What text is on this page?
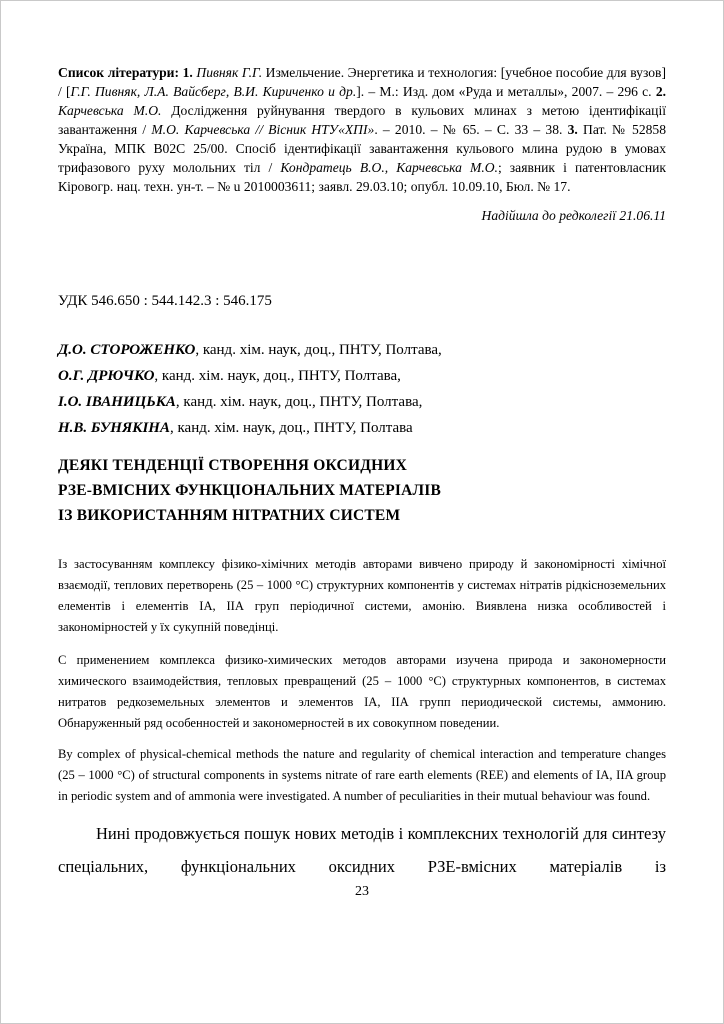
Список літератури: 1. Пивняк Г.Г. Измельчение. Энергетика и технология: [учебное пособие для вузов] / [Г.Г. Пивняк, Л.А. Вайсберг, В.И. Кириченко и др.]. – М.: Изд. дом «Руда и металлы», 2007. – 296 с. 2. Карчевська М.О. Дослідження руйнування твердого в кульових млинах з метою ідентифікації завантаження / М.О. Карчевська // Вісник НТУ«ХПІ». – 2010. – № 65. – С. 33 – 38. 3. Пат. № 52858 Україна, МПК В02С 25/00. Спосіб ідентифікації завантаження кульового млина рудою в умовах трифазового руху молольних тіл / Кондратець В.О., Карчевська М.О.; заявник і патентовласник Кіровогр. нац. техн. ун-т. – № u 2010003611; заявл. 29.03.10; опубл. 10.09.10, Бюл. № 17.

Надійшла до редколегії 21.06.11

УДК 546.650 : 544.142.3 : 546.175

Д.О. СТОРОЖЕНКО, канд. хім. наук, доц., ПНТУ, Полтава,

О.Г. ДРЮЧКО, канд. хім. наук, доц., ПНТУ, Полтава,

І.О. ІВАНИЦЬКА, канд. хім. наук, доц., ПНТУ, Полтава,

Н.В. БУНЯКІНА, канд. хім. наук, доц., ПНТУ, Полтава

ДЕЯКІ ТЕНДЕНЦІЇ СТВОРЕННЯ ОКСИДНИХ
РЗЕ-ВМІСНИХ ФУНКЦІОНАЛЬНИХ МАТЕРІАЛІВ
ІЗ ВИКОРИСТАННЯМ НІТРАТНИХ СИСТЕМ

Із застосуванням комплексу фізико-хімічних методів авторами вивчено природу й закономірності хімічної взаємодії, теплових перетворень (25 – 1000 °С) структурних компонентів у системах нітратів рідкісноземельних елементів і елементів ІА, ІІА груп періодичної системи, амонію. Виявлена низка особливостей і закономірностей у їх сукупній поведінці.

С применением комплекса физико-химических методов авторами изучена природа и закономерности химического взаимодействия, тепловых превращений (25 – 1000 °С) структурных компонентов, в системах нитратов редкоземельных элементов и элементов ІА, ІІА групп периодической системы, аммонию. Обнаруженный ряд особенностей и закономерностей в их совокупном поведении.

By complex of physical-chemical methods the nature and regularity of chemical interaction and temperature changes (25 – 1000 °С) of structural components in systems nitrate of rare earth elements (REE) and elements of IA, IIA group in periodic system and of ammonia were investigated. A number of peculiarities in their mutual behaviour was found.

Нині продовжується пошук нових методів і комплексних технологій для синтезу спеціальних, функціональних оксидних РЗЕ-вмісних матеріалів із

23
